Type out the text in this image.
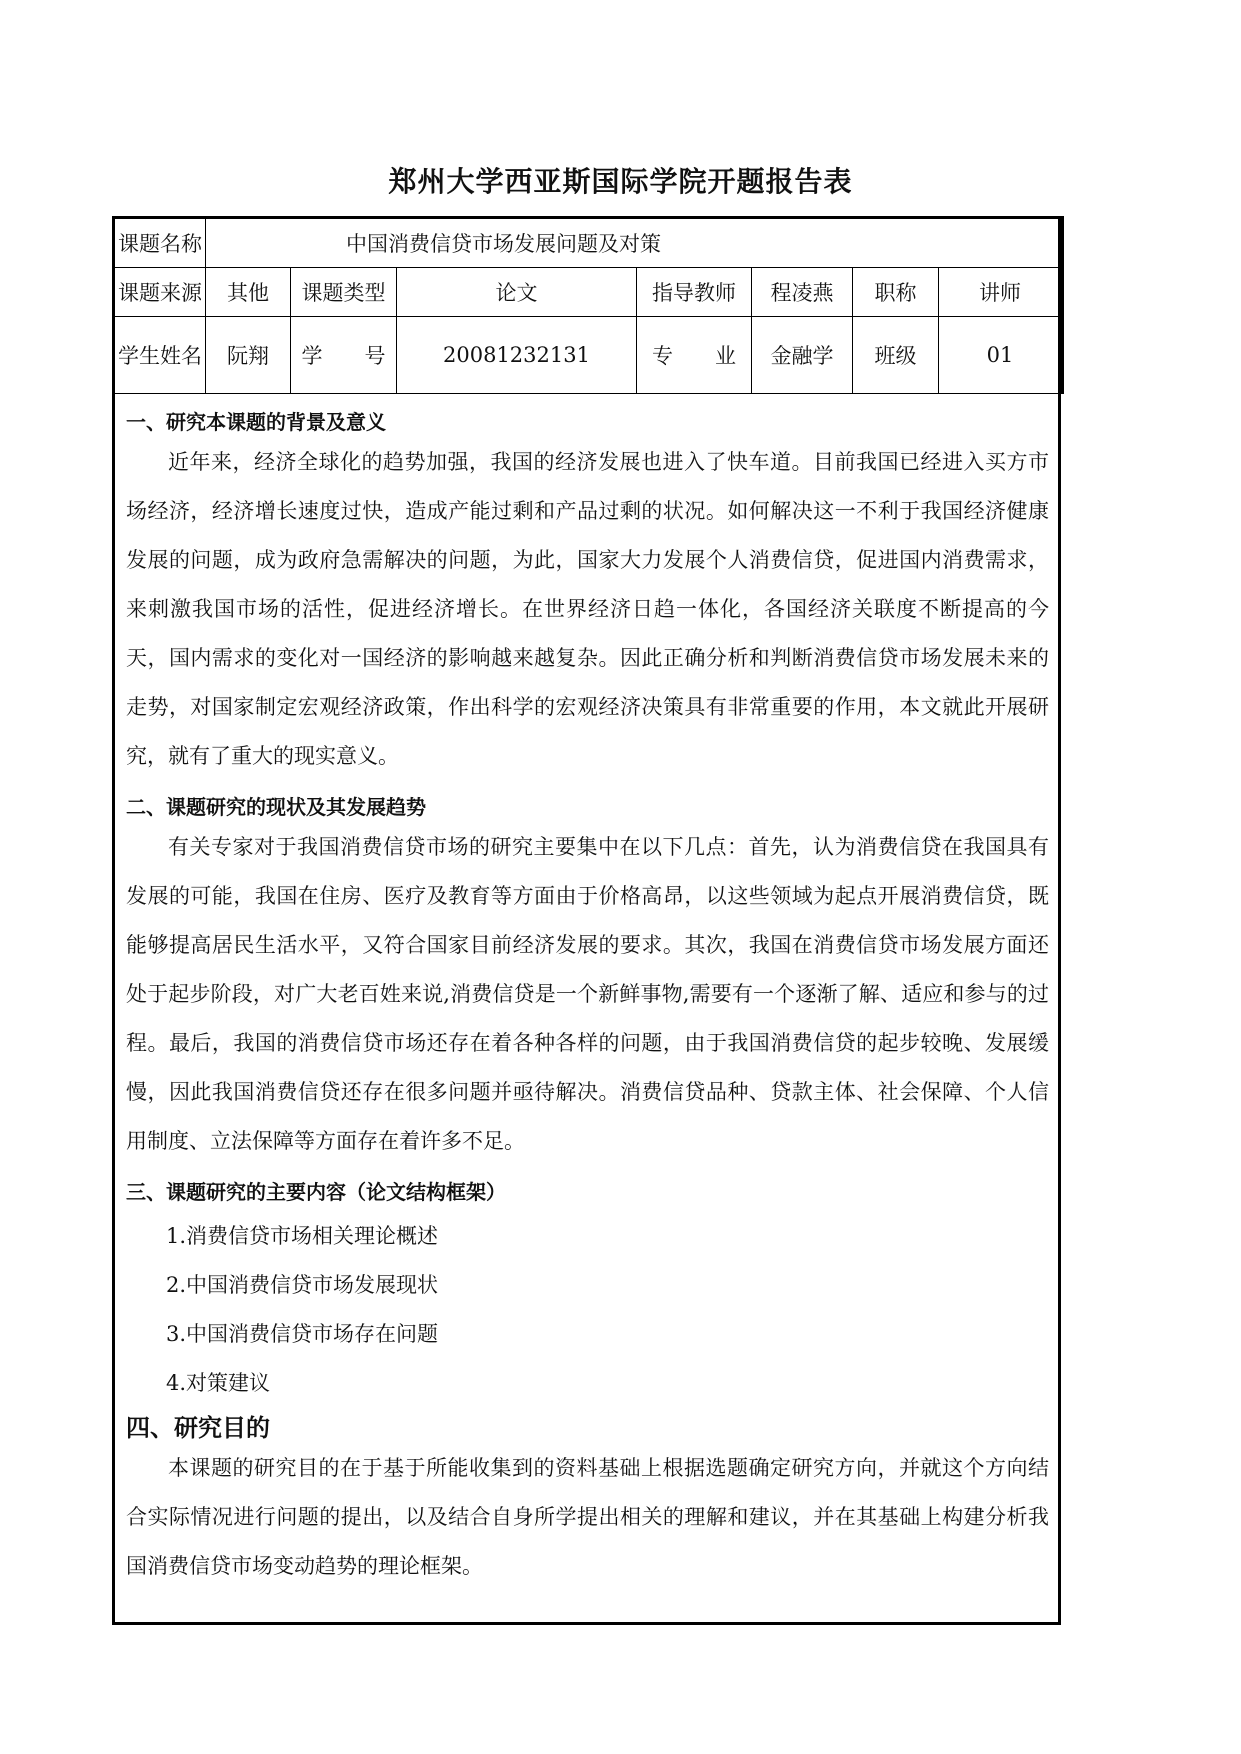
郑州大学西亚斯国际学院开题报告表
课题名称	中国消费信贷市场发展问题及对策						
课题来源	其他	课题类型	论文	指导教师	程凌燕	职称	讲师
学生姓名	阮翔	学　　号	20081232131	专　　业	金融学	班级	01
一、研究本课题的背景及意义

近年来，经济全球化的趋势加强，我国的经济发展也进入了快车道。目前我国已经进入买方市场经济，经济增长速度过快，造成产能过剩和产品过剩的状况。如何解决这一不利于我国经济健康发展的问题，成为政府急需解决的问题，为此，国家大力发展个人消费信贷，促进国内消费需求，来刺激我国市场的活性，促进经济增长。在世界经济日趋一体化，各国经济关联度不断提高的今天，国内需求的变化对一国经济的影响越来越复杂。因此正确分析和判断消费信贷市场发展未来的走势，对国家制定宏观经济政策，作出科学的宏观经济决策具有非常重要的作用，本文就此开展研究，就有了重大的现实意义。

二、课题研究的现状及其发展趋势

有关专家对于我国消费信贷市场的研究主要集中在以下几点：首先，认为消费信贷在我国具有发展的可能，我国在住房、医疗及教育等方面由于价格高昂，以这些领域为起点开展消费信贷，既能够提高居民生活水平，又符合国家目前经济发展的要求。其次，我国在消费信贷市场发展方面还处于起步阶段，对广大老百姓来说,消费信贷是一个新鲜事物,需要有一个逐渐了解、适应和参与的过程。最后，我国的消费信贷市场还存在着各种各样的问题，由于我国消费信贷的起步较晚、发展缓慢，因此我国消费信贷还存在很多问题并亟待解决。消费信贷品种、贷款主体、社会保障、个人信用制度、立法保障等方面存在着许多不足。

三、课题研究的主要内容（论文结构框架）
1.消费信贷市场相关理论概述
2.中国消费信贷市场发展现状
3.中国消费信贷市场存在问题
4.对策建议
四、研究目的

本课题的研究目的在于基于所能收集到的资料基础上根据选题确定研究方向，并就这个方向结合实际情况进行问题的提出，以及结合自身所学提出相关的理解和建议，并在其基础上构建分析我国消费信贷市场变动趋势的理论框架。
